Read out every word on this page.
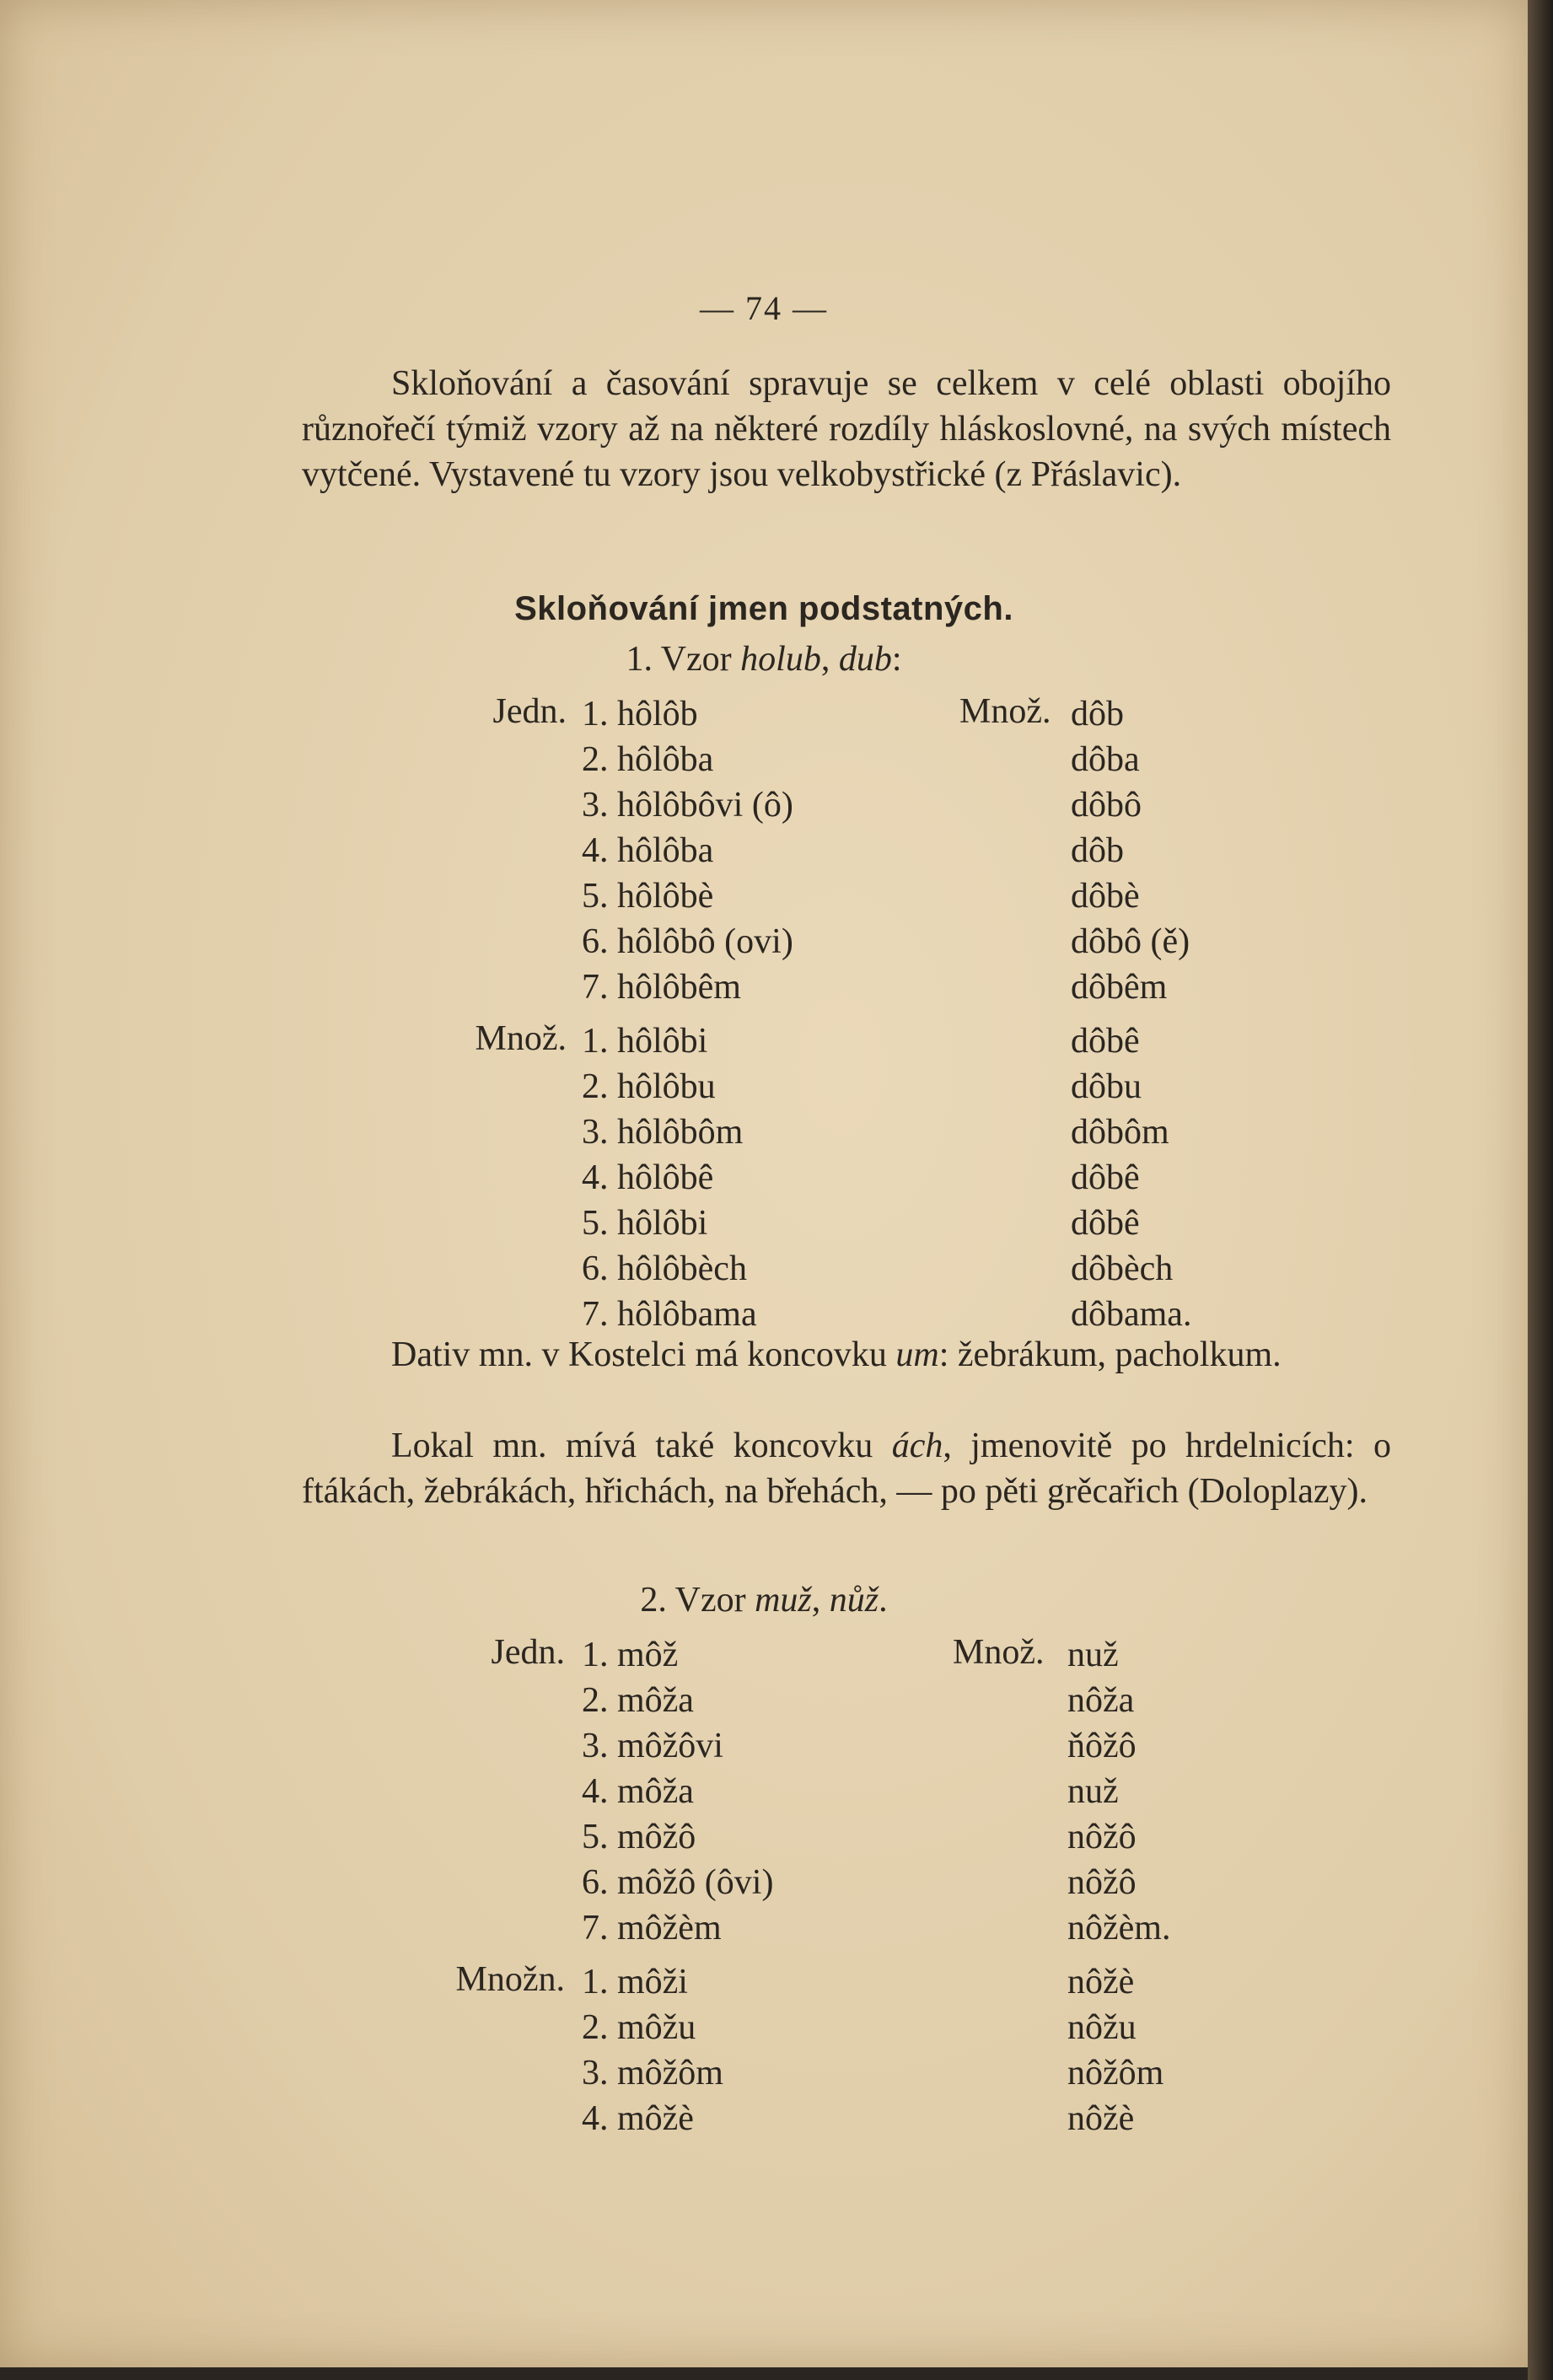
— 74 —

Skloňování a časování spravuje se celkem v celé oblasti obojího různořečí týmiž vzory až na některé rozdíly hláskoslovné, na svých místech vytčené. Vystavené tu vzory jsou velkobystřické (z Přáslavic).

Skloňování jmen podstatných.
1. Vzor holub, dub:
Jedn.
Množ.
Množ.
1. hôlôb
2. hôlôba
3. hôlôbôvi (ô)
4. hôlôba
5. hôlôbè
6. hôlôbô (ovi)
7. hôlôbêm
dôb
dôba
dôbô
dôb
dôbè
dôbô (ě)
dôbêm
1. hôlôbi
2. hôlôbu
3. hôlôbôm
4. hôlôbê
5. hôlôbi
6. hôlôbèch
7. hôlôbama
dôbê
dôbu
dôbôm
dôbê
dôbê
dôbèch
dôbama.

Dativ mn. v Kostelci má koncovku um: žebrákum, pacholkum.

Lokal mn. mívá také koncovku ách, jmenovitě po hrdelnicích: o ftákách, žebrákách, hřichách, na břehách, — po pěti grěcařich (Doloplazy).

2. Vzor muž, nůž.
Jedn.
Množn.
Množ.
1. môž
2. môža
3. môžôvi
4. môža
5. môžô
6. môžô (ôvi)
7. môžèm
nuž
nôža
ňôžô
nuž
nôžô
nôžô
nôžèm.
1. môži
2. môžu
3. môžôm
4. môžè
nôžè
nôžu
nôžôm
nôžè
